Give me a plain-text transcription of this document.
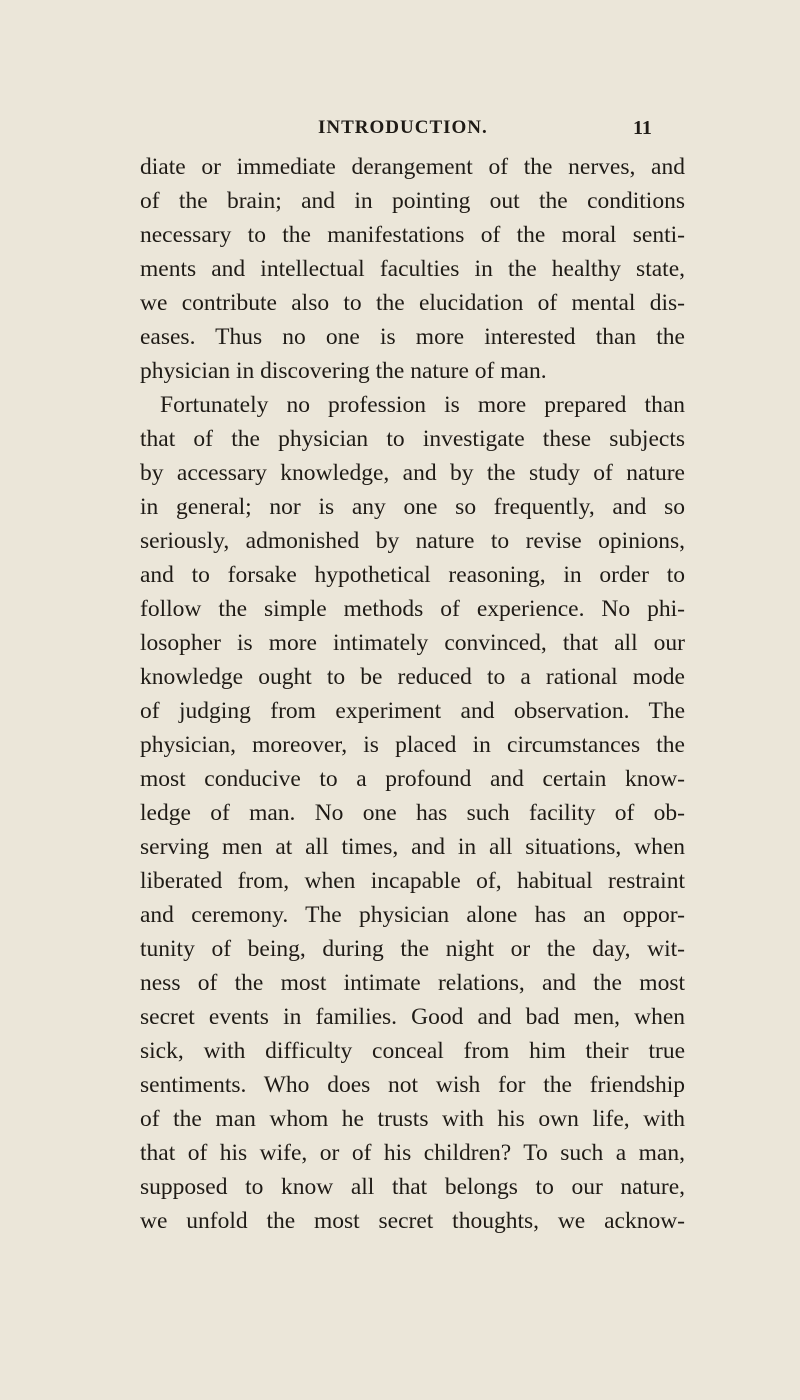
INTRODUCTION.	11
diate or immediate derangement of the nerves, and
of the brain; and in pointing out the conditions
necessary to the manifestations of the moral senti-
ments and intellectual faculties in the healthy state,
we contribute also to the elucidation of mental dis-
eases. Thus no one is more interested than the
physician in discovering the nature of man.
Fortunately no profession is more prepared than
that of the physician to investigate these subjects
by accessary knowledge, and by the study of nature
in general; nor is any one so frequently, and so
seriously, admonished by nature to revise opinions,
and to forsake hypothetical reasoning, in order to
follow the simple methods of experience. No phi-
losopher is more intimately convinced, that all our
knowledge ought to be reduced to a rational mode
of judging from experiment and observation. The
physician, moreover, is placed in circumstances the
most conducive to a profound and certain know-
ledge of man. No one has such facility of ob-
serving men at all times, and in all situations, when
liberated from, when incapable of, habitual restraint
and ceremony. The physician alone has an oppor-
tunity of being, during the night or the day, wit-
ness of the most intimate relations, and the most
secret events in families. Good and bad men, when
sick, with difficulty conceal from him their true
sentiments. Who does not wish for the friendship
of the man whom he trusts with his own life, with
that of his wife, or of his children? To such a man,
supposed to know all that belongs to our nature,
we unfold the most secret thoughts, we acknow-
